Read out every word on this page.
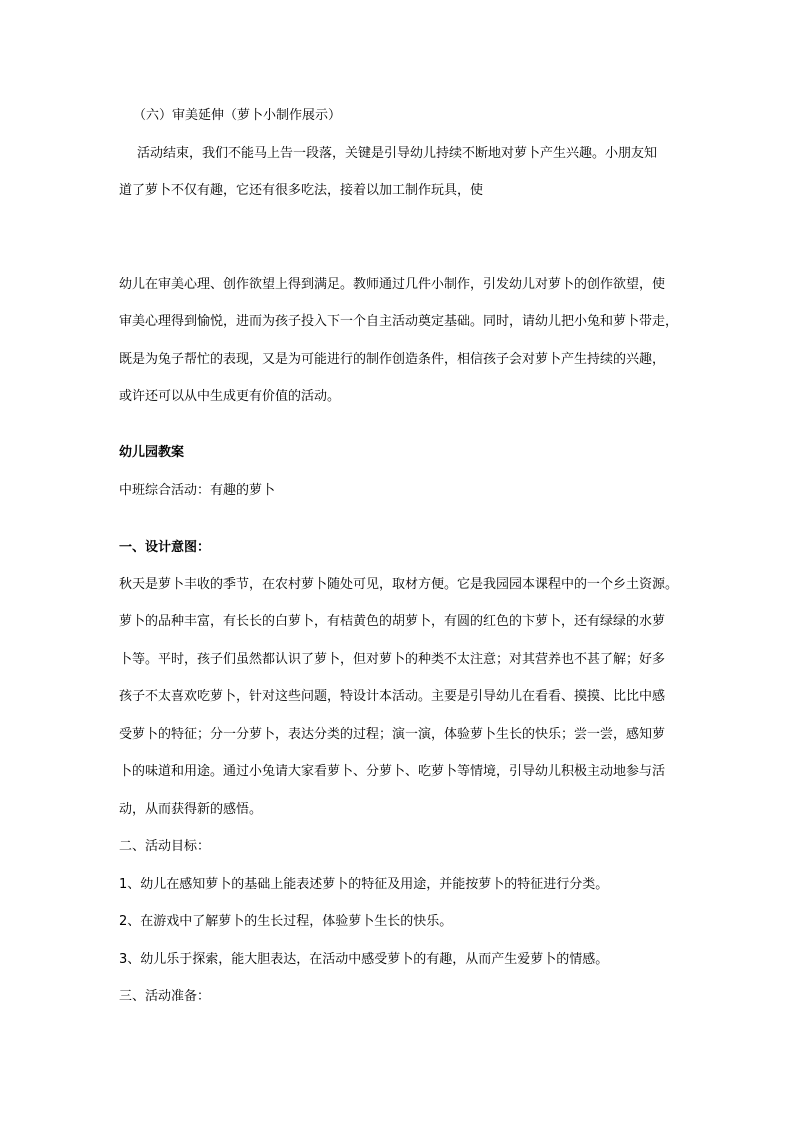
（六）审美延伸（萝卜小制作展示）
活动结束，我们不能马上告一段落，关键是引导幼儿持续不断地对萝卜产生兴趣。小朋友知
道了萝卜不仅有趣，它还有很多吃法，接着以加工制作玩具，使
幼儿在审美心理、创作欲望上得到满足。教师通过几件小制作，引发幼儿对萝卜的创作欲望，使
审美心理得到愉悦，进而为孩子投入下一个自主活动奠定基础。同时，请幼儿把小兔和萝卜带走，
既是为兔子帮忙的表现，又是为可能进行的制作创造条件，相信孩子会对萝卜产生持续的兴趣，
或许还可以从中生成更有价值的活动。
幼儿园教案
中班综合活动：有趣的萝卜
一、设计意图：
秋天是萝卜丰收的季节，在农村萝卜随处可见，取材方便。它是我园园本课程中的一个乡土资源。
萝卜的品种丰富，有长长的白萝卜，有桔黄色的胡萝卜，有圆的红色的卞萝卜，还有绿绿的水萝
卜等。平时，孩子们虽然都认识了萝卜，但对萝卜的种类不太注意；对其营养也不甚了解；好多
孩子不太喜欢吃萝卜，针对这些问题，特设计本活动。主要是引导幼儿在看看、摸摸、比比中感
受萝卜的特征；分一分萝卜，表达分类的过程；演一演，体验萝卜生长的快乐；尝一尝，感知萝
卜的味道和用途。通过小兔请大家看萝卜、分萝卜、吃萝卜等情境，引导幼儿积极主动地参与活
动，从而获得新的感悟。
二、活动目标：
1、幼儿在感知萝卜的基础上能表述萝卜的特征及用途，并能按萝卜的特征进行分类。
2、在游戏中了解萝卜的生长过程，体验萝卜生长的快乐。
3、幼儿乐于探索，能大胆表达，在活动中感受萝卜的有趣，从而产生爱萝卜的情感。
三、活动准备：
